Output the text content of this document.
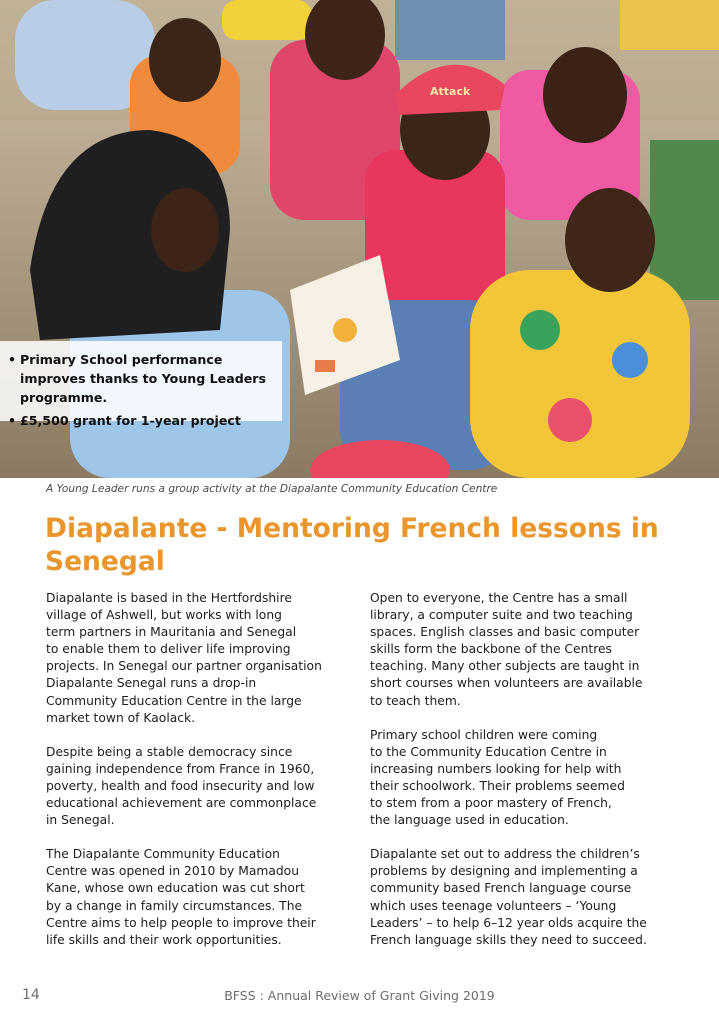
Attack
• Primary School performance improves thanks to Young Leaders programme.
• £5,500 grant for 1-year project
A Young Leader runs a group activity at the Diapalante Community Education Centre
Diapalante - Mentoring French lessons in Senegal

Diapalante is based in the Hertfordshire
village of Ashwell, but works with long
term partners in Mauritania and Senegal
to enable them to deliver life improving
projects. In Senegal our partner organisation
Diapalante Senegal runs a drop-in
Community Education Centre in the large
market town of Kaolack.

Despite being a stable democracy since
gaining independence from France in 1960,
poverty, health and food insecurity and low
educational achievement are commonplace
in Senegal.

The Diapalante Community Education
Centre was opened in 2010 by Mamadou
Kane, whose own education was cut short
by a change in family circumstances. The
Centre aims to help people to improve their
life skills and their work opportunities.

Open to everyone, the Centre has a small
library, a computer suite and two teaching
spaces. English classes and basic computer
skills form the backbone of the Centres
teaching. Many other subjects are taught in
short courses when volunteers are available
to teach them.

Primary school children were coming
to the Community Education Centre in
increasing numbers looking for help with
their schoolwork. Their problems seemed
to stem from a poor mastery of French,
the language used in education.

Diapalante set out to address the children’s
problems by designing and implementing a
community based French language course
which uses teenage volunteers – ‘Young
Leaders’ – to help 6–12 year olds acquire the
French language skills they need to succeed.

14	BFSS : Annual Review of Grant Giving 2019
